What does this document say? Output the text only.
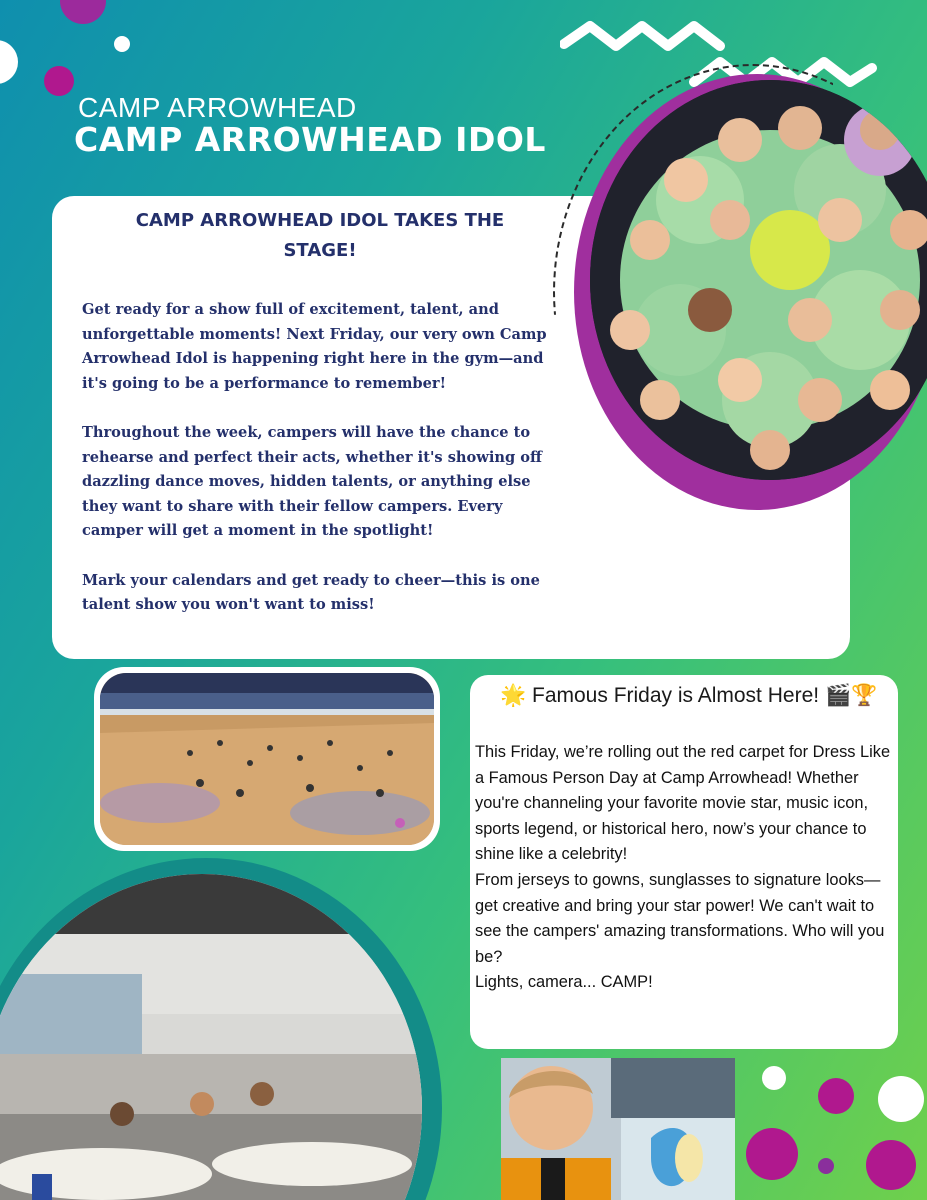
CAMP ARROWHEAD
CAMP ARROWHEAD IDOL
CAMP ARROWHEAD IDOL TAKES THE STAGE!

Get ready for a show full of excitement, talent, and unforgettable moments! Next Friday, our very own Camp Arrowhead Idol is happening right here in the gym—and it's going to be a performance to remember!

Throughout the week, campers will have the chance to rehearse and perfect their acts, whether it's showing off dazzling dance moves, hidden talents, or anything else they want to share with their fellow campers. Every camper will get a moment in the spotlight!

Mark your calendars and get ready to cheer—this is one talent show you won't want to miss!

🌟 Famous Friday is Almost Here! 🎬🏆

This Friday, we’re rolling out the red carpet for Dress Like a Famous Person Day at Camp Arrowhead! Whether you're channeling your favorite movie star, music icon, sports legend, or historical hero, now’s your chance to shine like a celebrity!

From jerseys to gowns, sunglasses to signature looks—get creative and bring your star power! We can't wait to see the campers' amazing transformations. Who will you be?

Lights, camera... CAMP!
